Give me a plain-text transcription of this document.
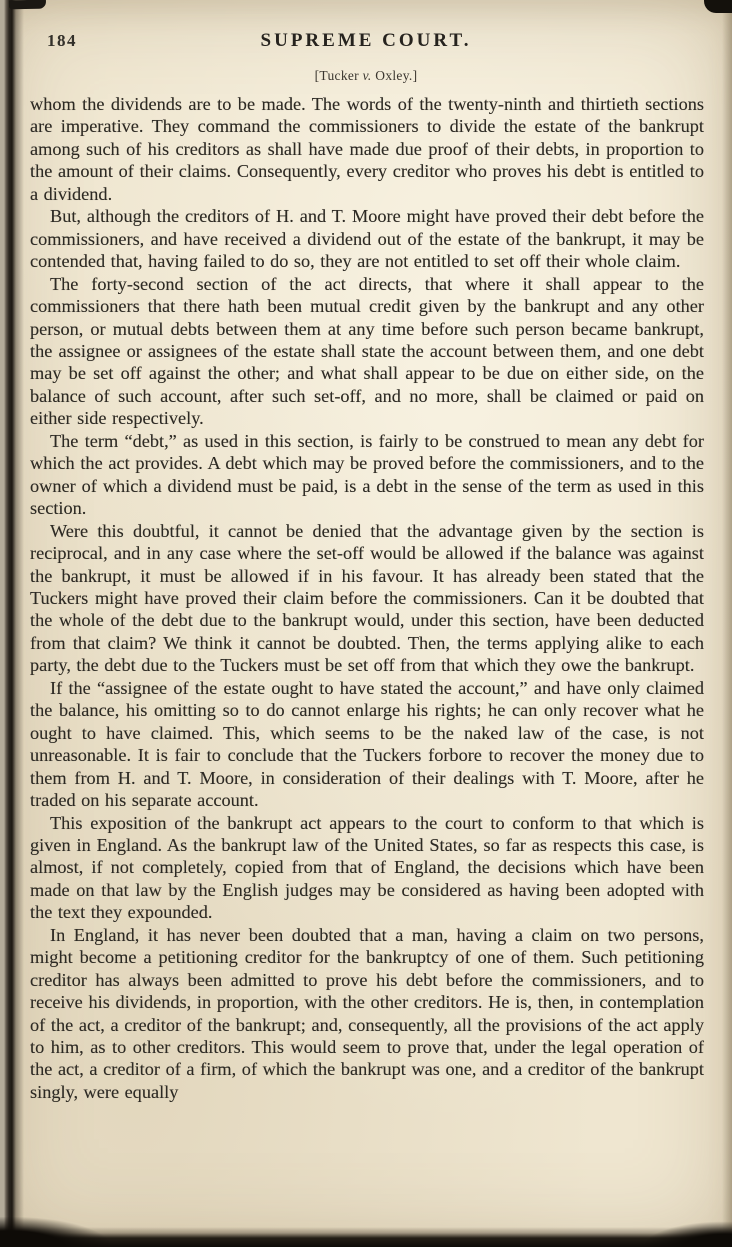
184	SUPREME COURT.
[Tucker v. Oxley.]

whom the dividends are to be made. The words of the twenty-ninth and thirtieth sections are imperative. They command the commissioners to divide the estate of the bankrupt among such of his creditors as shall have made due proof of their debts, in proportion to the amount of their claims. Consequently, every creditor who proves his debt is entitled to a dividend.

But, although the creditors of H. and T. Moore might have proved their debt before the commissioners, and have received a dividend out of the estate of the bankrupt, it may be contended that, having failed to do so, they are not entitled to set off their whole claim.

The forty-second section of the act directs, that where it shall appear to the commissioners that there hath been mutual credit given by the bankrupt and any other person, or mutual debts between them at any time before such person became bankrupt, the assignee or assignees of the estate shall state the account between them, and one debt may be set off against the other; and what shall appear to be due on either side, on the balance of such account, after such set-off, and no more, shall be claimed or paid on either side respectively.

The term “debt,” as used in this section, is fairly to be construed to mean any debt for which the act provides. A debt which may be proved before the commissioners, and to the owner of which a dividend must be paid, is a debt in the sense of the term as used in this section.

Were this doubtful, it cannot be denied that the advantage given by the section is reciprocal, and in any case where the set-off would be allowed if the balance was against the bankrupt, it must be allowed if in his favour. It has already been stated that the Tuckers might have proved their claim before the commissioners. Can it be doubted that the whole of the debt due to the bankrupt would, under this section, have been deducted from that claim? We think it cannot be doubted. Then, the terms applying alike to each party, the debt due to the Tuckers must be set off from that which they owe the bankrupt.

If the “assignee of the estate ought to have stated the account,” and have only claimed the balance, his omitting so to do cannot enlarge his rights; he can only recover what he ought to have claimed. This, which seems to be the naked law of the case, is not unreasonable. It is fair to conclude that the Tuckers forbore to recover the money due to them from H. and T. Moore, in consideration of their dealings with T. Moore, after he traded on his separate account.

This exposition of the bankrupt act appears to the court to conform to that which is given in England. As the bankrupt law of the United States, so far as respects this case, is almost, if not completely, copied from that of England, the decisions which have been made on that law by the English judges may be considered as having been adopted with the text they expounded.

In England, it has never been doubted that a man, having a claim on two persons, might become a petitioning creditor for the bankruptcy of one of them. Such petitioning creditor has always been admitted to prove his debt before the commissioners, and to receive his dividends, in proportion, with the other creditors. He is, then, in contemplation of the act, a creditor of the bankrupt; and, consequently, all the provisions of the act apply to him, as to other creditors. This would seem to prove that, under the legal operation of the act, a creditor of a firm, of which the bankrupt was one, and a creditor of the bankrupt singly, were equally
